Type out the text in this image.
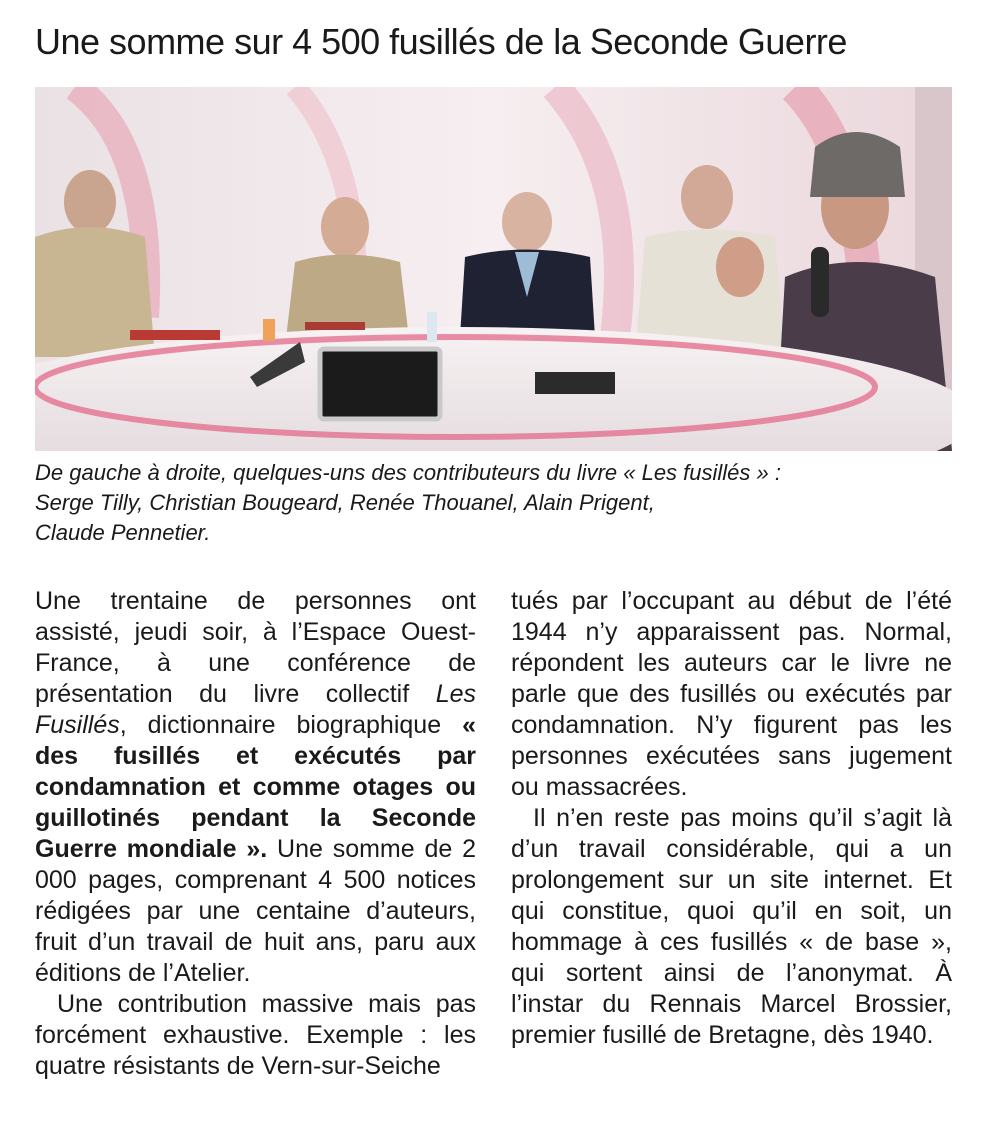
Une somme sur 4 500 fusillés de la Seconde Guerre
De gauche à droite, quelques-uns des contributeurs du livre « Les fusillés » :
Serge Tilly, Christian Bougeard, Renée Thouanel, Alain Prigent,
Claude Pennetier.

Une trentaine de personnes ont assisté, jeudi soir, à l’Espace Ouest-France, à une conférence de présentation du livre collectif Les Fusillés, dictionnaire biographique « des fusillés et exécutés par condamnation et comme otages ou guillotinés pendant la Seconde Guerre mondiale ». Une somme de 2 000 pages, comprenant 4 500 notices rédigées par une centaine d’auteurs, fruit d’un travail de huit ans, paru aux éditions de l’Atelier.

Une contribution massive mais pas forcément exhaustive. Exemple : les quatre résistants de Vern-sur-Seiche

tués par l’occupant au début de l’été 1944 n’y apparaissent pas. Normal, répondent les auteurs car le livre ne parle que des fusillés ou exécutés par condamnation. N’y figurent pas les personnes exécutées sans jugement ou massacrées.

Il n’en reste pas moins qu’il s’agit là d’un travail considérable, qui a un prolongement sur un site internet. Et qui constitue, quoi qu’il en soit, un hommage à ces fusillés « de base », qui sortent ainsi de l’anonymat. À l’instar du Rennais Marcel Brossier, premier fusillé de Bretagne, dès 1940.
